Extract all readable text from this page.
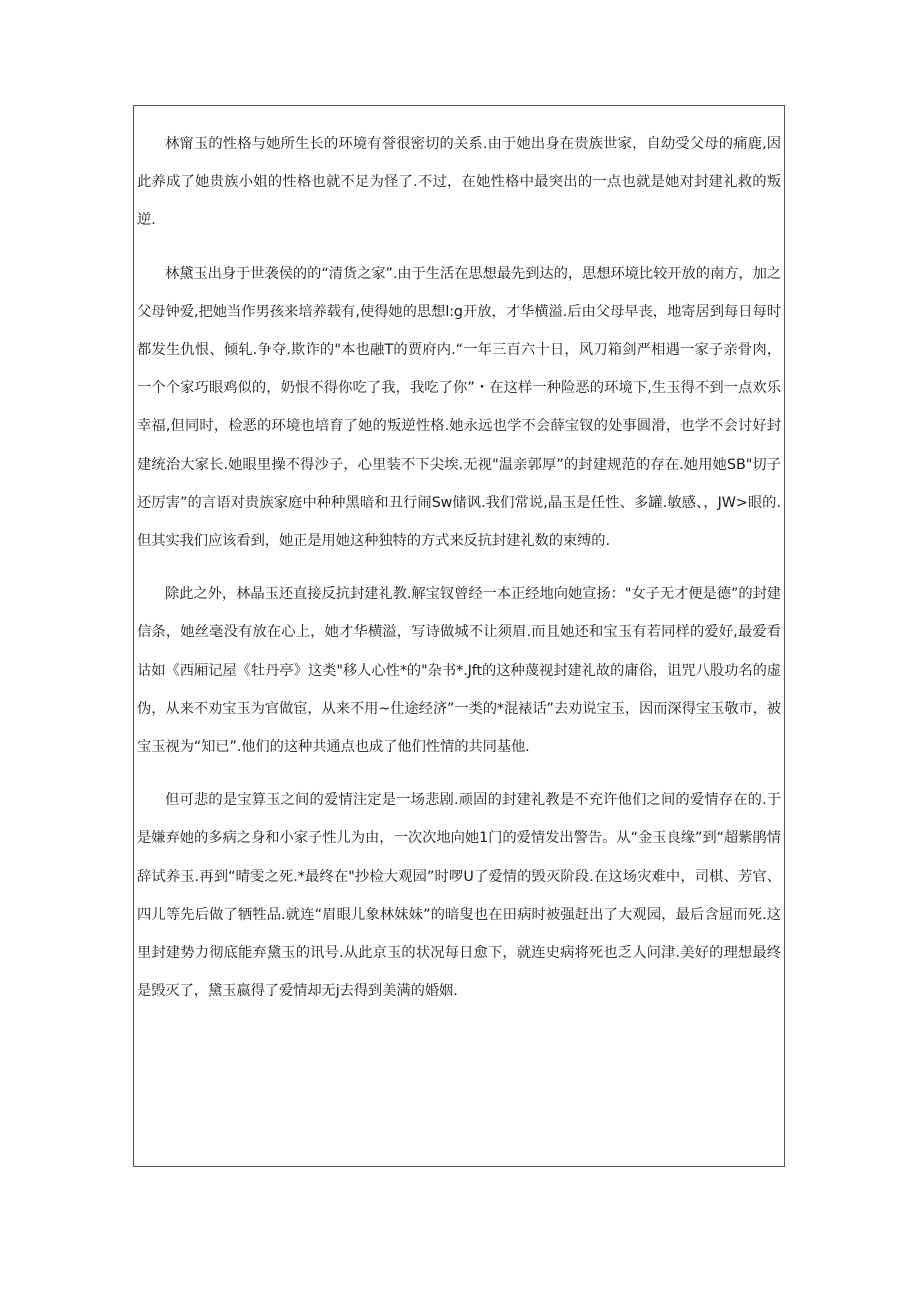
林甯玉的性格与她所生长的环境有誉很密切的关系.由于她出身在贵族世家，自幼受父母的痛鹿,因此养成了她贵族小姐的性格也就不足为怪了.不过，在她性格中最突出的一点也就是她对封建礼救的叛逆.

林黛玉出身于世袭侯的的“清货之家”.由于生活在思想最先到达的，思想环境比较开放的南方，加之父母钟爱,把她当作男孩来培养载有,使得她的思想l:g开放，才华横溢.后由父母早丧，地寄居到每日每时都发生仇恨、倾轧.争夺.欺诈的"本也融T的贾府内.“一年三百六十日，风刀箱剑严相遇一家子亲骨肉，一个个家巧眼鸡似的，奶恨不得你吃了我，我吃了你”・在这样一种险恶的环境下,生玉得不到一点欢乐幸福,但同时，检恶的环境也培育了她的叛逆性格.她永远也学不会薛宝钗的处事圆滑，也学不会讨好封建统治大家长.她眼里操不得沙子，心里装不下尖埃.无视"温亲郭厚”的封建规范的存在.她用她SB"切子还厉害”的言语对贵族家庭中种种黑暗和丑行闹Sw储讽.我们常说,晶玉是任性、多罐.敏感、，JW>眼的.但其实我们应该看到，她正是用她这种独特的方式来反抗封建礼数的束缚的.

除此之外，林晶玉还直接反抗封建礼教.解宝钗曾经一本正经地向她宣扬："女子无才便是德”的封建信条，她丝毫没有放在心上，她才华横溢，写诗做城不让须眉.而且她还和宝玉有若同样的爱好,最爱看诂如《西厢记屋《牡丹亭》这类"移人心性*的"杂书*.Jft的这种蔑视封建礼故的庸俗，诅咒八股功名的虚伪，从来不劝宝玉为官做宦，从来不用~仕途经济”一类的*混裱话”去劝说宝玉，因而深得宝玉敬市，被宝玉视为“知已”.他们的这种共通点也成了他们性情的共同基他.

但可悲的是宝算玉之间的爱情注定是一场悲剧.顽固的封建礼教是不充许他们之间的爱情存在的.于是嫌弃她的多病之身和小家子性儿为由，一次次地向她1门的爱情发出警告。从“金玉良缘”到“超紫鹃情辞试养玉.再到“晴雯之死.*最终在"抄检大观园”时啰U了爱情的毁灭阶段.在这场灾难中，司棋、芳官、四儿等先后做了牺牲品.就连“眉眼儿象林妹妹”的暗叟也在田病时被强赶出了大观园，最后含屈而死.这里封建势力彻底能弃黛玉的讯号.从此京玉的状况每日愈下，就连史病将死也乏人问津.美好的理想最终是毁灭了，黛玉嬴得了爱情却无j去得到美满的婚姻.
